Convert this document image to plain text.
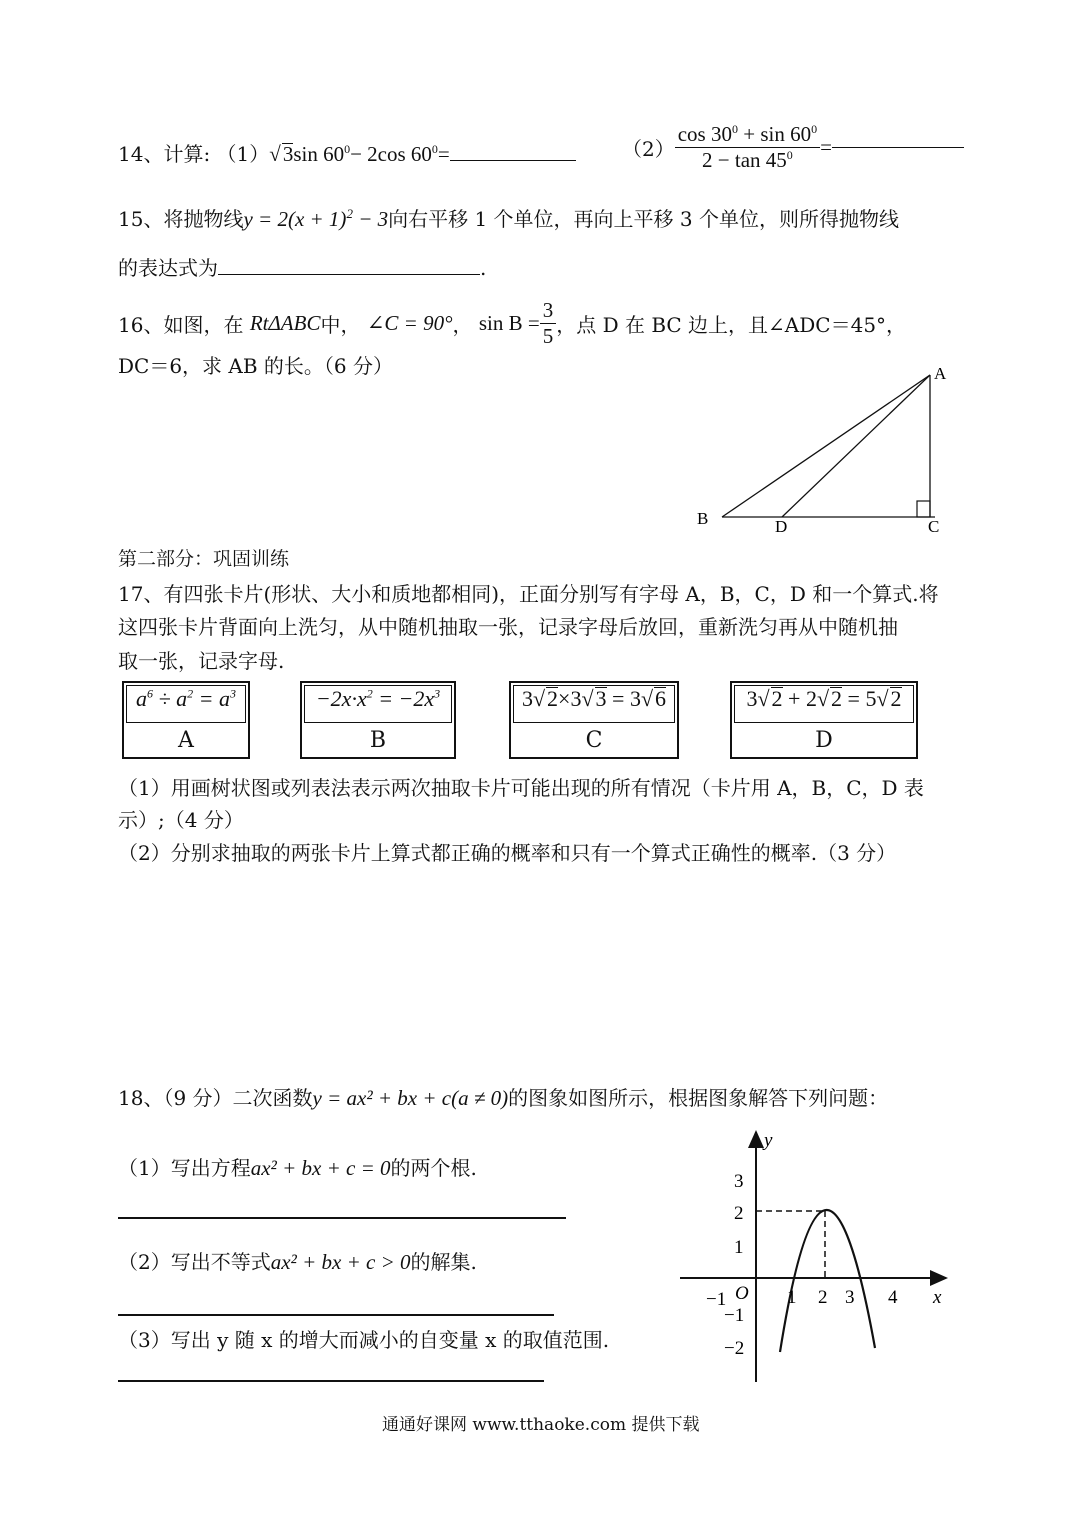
14、计算: （1）√3sin $60^0- 2\cos$ $60^0=$	$(2) \frac{\cos 30^0 + \sin 60^0}{2 - \tan 45^0}$ =
15、将抛物线$y = 2(x + 1)^2 - 3$向右平移 1 个单位，再向上平移 3 个单位，则所得抛物线
的表达式为	.
16、如图，在 RtΔABC中， ∠C = 90°， $\sin B = \frac{3}{5}$ ，点 D 在 BC 边上，且∠ADC＝45°，
DC＝6，求 AB 的长。（6 分）	A
B	D	C
第二部分：巩固训练
17、有四张卡片(形状、大小和质地都相同)，正面分别写有字母 A，B，C，D 和一个算式.将
这四张卡片背面向上洗匀，从中随机抽取一张，记录字母后放回，重新洗匀再从中随机抽
取一张，记录字母.
$a^6 \div a^2 = a^3$
A
$-2x\cdot x^2 = -2x^3$
B
3√2×3√3 = 3√6
C
3√2 + 2√2 = 5√2
D
（1）用画树状图或列表法表示两次抽取卡片可能出现的所有情况（卡片用 A，B，C，D 表
示）;（4 分）
（2）分别求抽取的两张卡片上算式都正确的概率和只有一个算式正确性的概率.（3 分）
18、（9 分）二次函数y = ax² + bx + c(a ≠ 0)的图象如图所示，根据图象解答下列问题：
（1）写出方程ax² + bx + c = 0的两个根.
（2）写出不等式ax² + bx + c > 0的解集.
（3）写出 y 随 x 的增大而减小的自变量 x 的取值范围.
y
x
O
−1	1 2 3 4
3
2
1
−1
−2
通通好课网 www.tthaoke.com 提供下载
